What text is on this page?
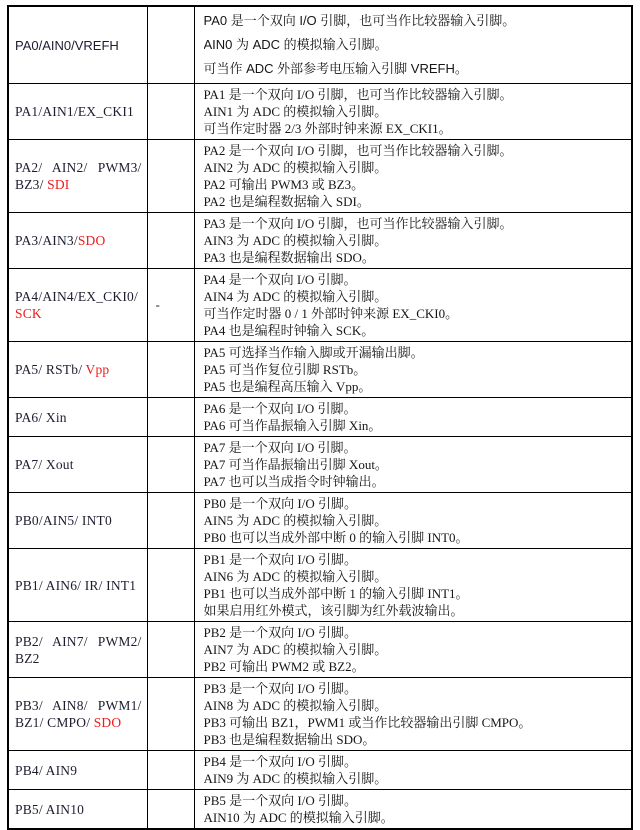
PA0/AIN0/VREFH		PA0 是一个双向 I/O 引脚，也可当作比较器输入引脚。
AIN0 为 ADC 的模拟输入引脚。
可当作 ADC 外部参考电压输入引脚 VREFH。

PA1/AIN1/EX_CKI1		PA1 是一个双向 I/O 引脚，也可当作比较器输入引脚。
AIN1 为 ADC 的模拟输入引脚。
可当作定时器 2/3 外部时钟来源 EX_CKI1。

PA2/ AIN2/ PWM3/ BZ3/ SDI		PA2 是一个双向 I/O 引脚，也可当作比较器输入引脚。
AIN2 为 ADC 的模拟输入引脚。
PA2 可输出 PWM3 或 BZ3。
PA2 也是编程数据输入 SDI。

PA3/AIN3/SDO		PA3 是一个双向 I/O 引脚，也可当作比较器输入引脚。
AIN3 为 ADC 的模拟输入引脚。
PA3 也是编程数据输出 SDO。

PA4/AIN4/EX_CKI0/ SCK	-	PA4 是一个双向 I/O 引脚。
AIN4 为 ADC 的模拟输入引脚。
可当作定时器 0 / 1 外部时钟来源 EX_CKI0。
PA4 也是编程时钟输入 SCK。

PA5/ RSTb/ Vpp		PA5 可选择当作输入脚或开漏输出脚。
PA5 可当作复位引脚 RSTb。
PA5 也是编程高压输入 Vpp。

PA6/ Xin		PA6 是一个双向 I/O 引脚。
PA6 可当作晶振输入引脚 Xin。

PA7/ Xout		PA7 是一个双向 I/O 引脚。
PA7 可当作晶振输出引脚 Xout。
PA7 也可以当成指令时钟输出。

PB0/AIN5/ INT0		PB0 是一个双向 I/O 引脚。
AIN5 为 ADC 的模拟输入引脚。
PB0 也可以当成外部中断 0 的输入引脚 INT0。

PB1/ AIN6/ IR/ INT1		PB1 是一个双向 I/O 引脚。
AIN6 为 ADC 的模拟输入引脚。
PB1 也可以当成外部中断 1 的输入引脚 INT1。
如果启用红外模式，该引脚为红外载波输出。

PB2/ AIN7/ PWM2/ BZ2		PB2 是一个双向 I/O 引脚。
AIN7 为 ADC 的模拟输入引脚。
PB2 可输出 PWM2 或 BZ2。

PB3/ AIN8/ PWM1/ BZ1/ CMPO/ SDO		PB3 是一个双向 I/O 引脚。
AIN8 为 ADC 的模拟输入引脚。
PB3 可输出 BZ1，PWM1 或当作比较器输出引脚 CMPO。
PB3 也是编程数据输出 SDO。

PB4/ AIN9		PB4 是一个双向 I/O 引脚。
AIN9 为 ADC 的模拟输入引脚。

PB5/ AIN10		PB5 是一个双向 I/O 引脚。
AIN10 为 ADC 的模拟输入引脚。
